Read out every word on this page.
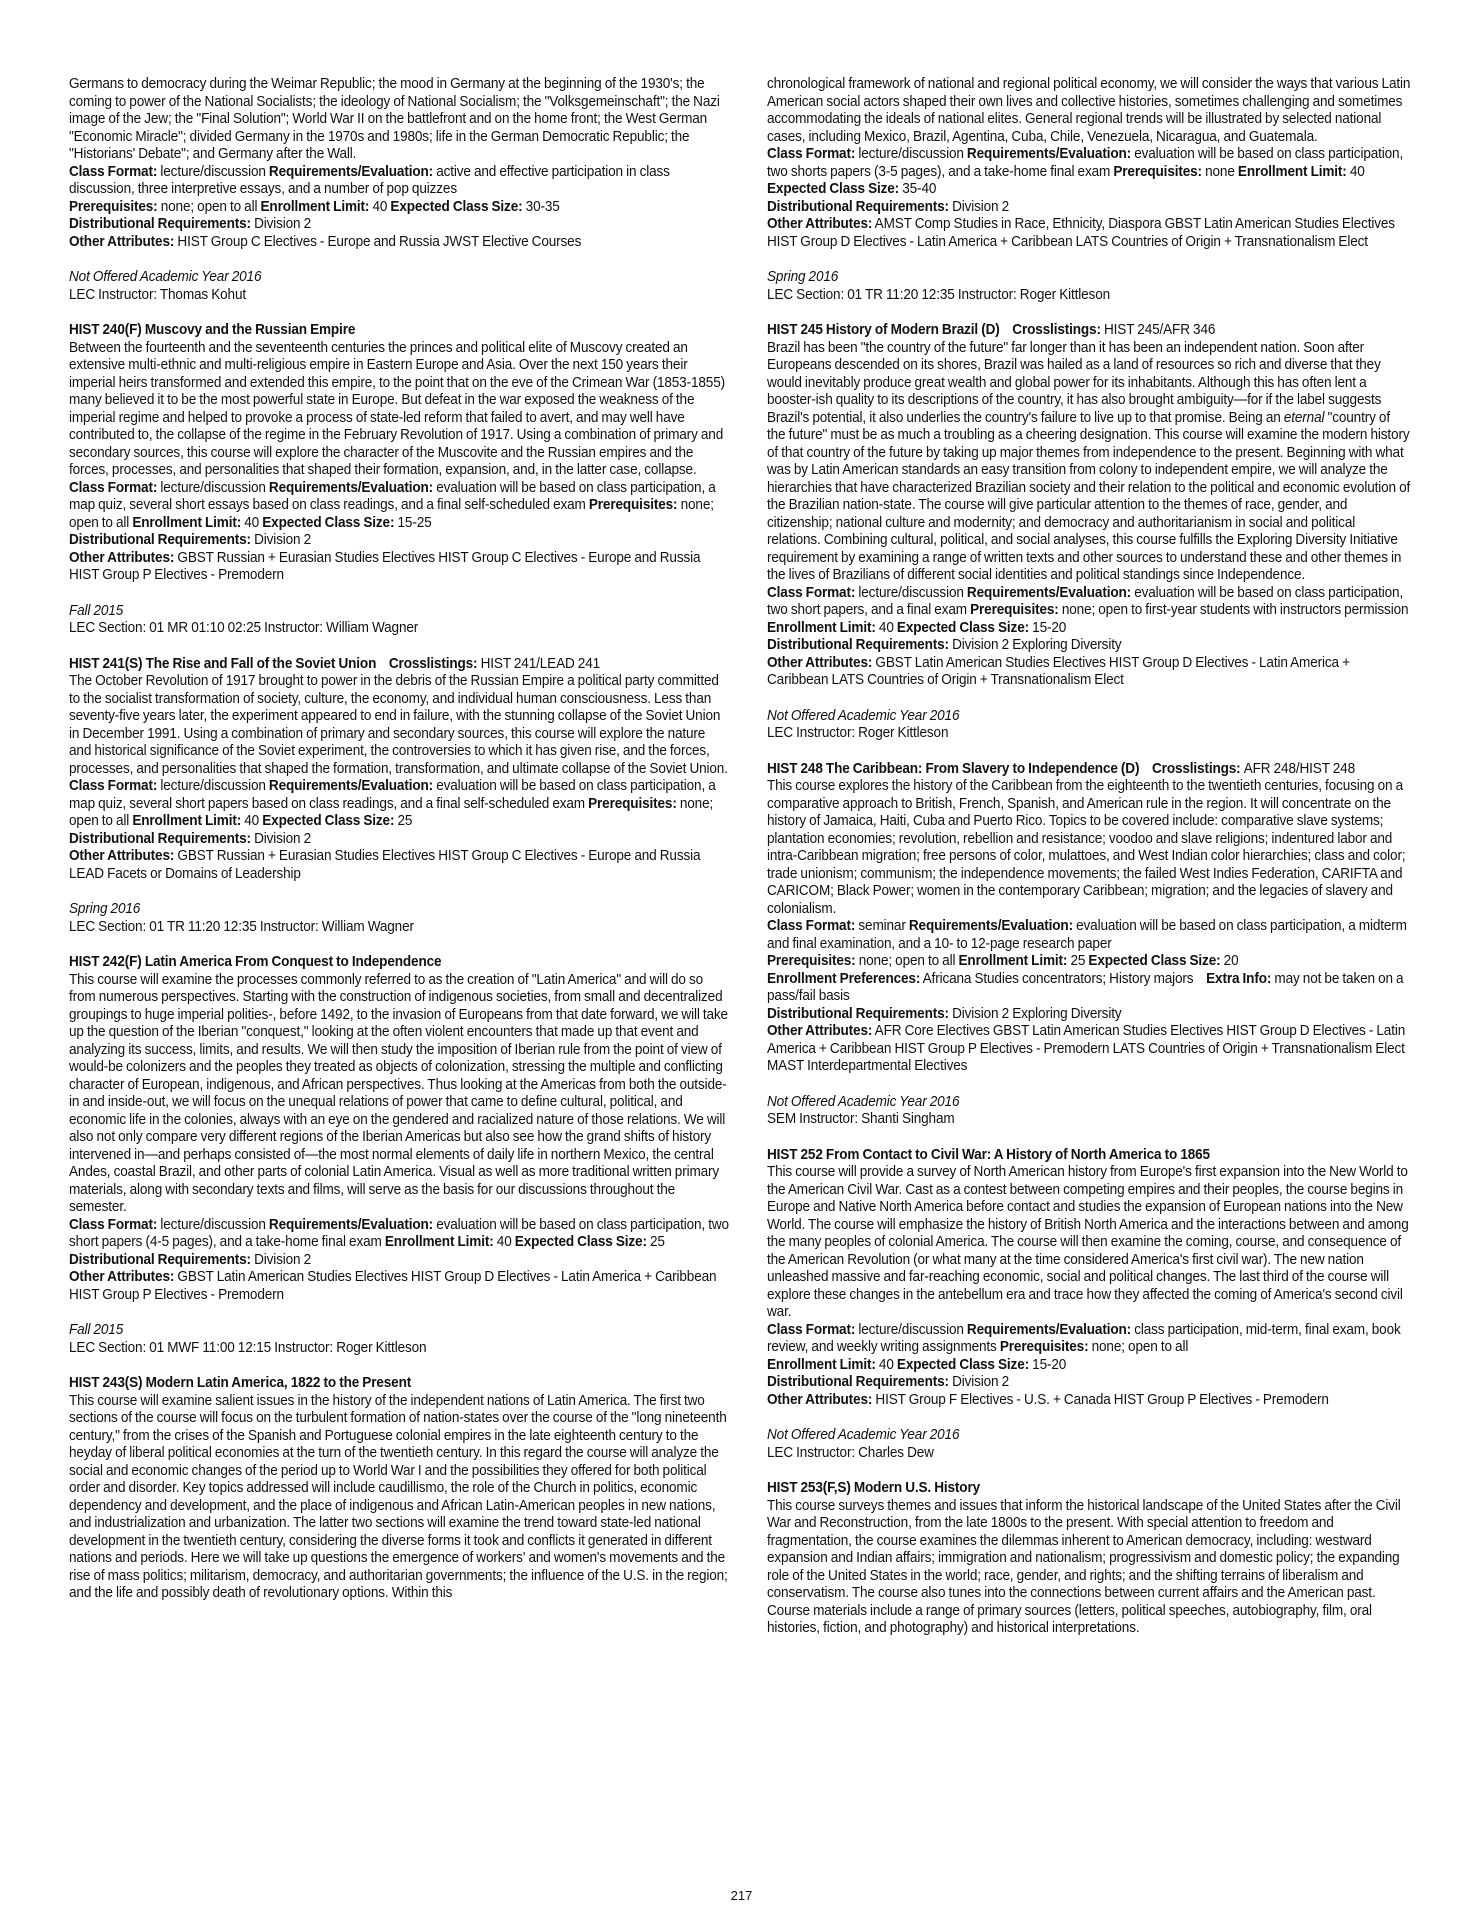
Germans to democracy during the Weimar Republic; the mood in Germany at the beginning of the 1930's; the coming to power of the National Socialists; the ideology of National Socialism; the "Volksgemeinschaft"; the Nazi image of the Jew; the "Final Solution"; World War II on the battlefront and on the home front; the West German "Economic Miracle"; divided Germany in the 1970s and 1980s; life in the German Democratic Republic; the "Historians' Debate"; and Germany after the Wall.
Class Format: lecture/discussion Requirements/Evaluation: active and effective participation in class discussion, three interpretive essays, and a number of pop quizzes
Prerequisites: none; open to all Enrollment Limit: 40 Expected Class Size: 30-35
Distributional Requirements: Division 2
Other Attributes: HIST Group C Electives - Europe and Russia JWST Elective Courses
Not Offered Academic Year 2016
LEC Instructor: Thomas Kohut
HIST 240(F) Muscovy and the Russian Empire
Between the fourteenth and the seventeenth centuries the princes and political elite of Muscovy created an extensive multi-ethnic and multi-religious empire in Eastern Europe and Asia. Over the next 150 years their imperial heirs transformed and extended this empire, to the point that on the eve of the Crimean War (1853-1855) many believed it to be the most powerful state in Europe. But defeat in the war exposed the weakness of the imperial regime and helped to provoke a process of state-led reform that failed to avert, and may well have contributed to, the collapse of the regime in the February Revolution of 1917. Using a combination of primary and secondary sources, this course will explore the character of the Muscovite and the Russian empires and the forces, processes, and personalities that shaped their formation, expansion, and, in the latter case, collapse.
Class Format: lecture/discussion Requirements/Evaluation: evaluation will be based on class participation, a map quiz, several short essays based on class readings, and a final self-scheduled exam Prerequisites: none; open to all Enrollment Limit: 40 Expected Class Size: 15-25
Distributional Requirements: Division 2
Other Attributes: GBST Russian + Eurasian Studies Electives HIST Group C Electives - Europe and Russia HIST Group P Electives - Premodern
Fall 2015
LEC Section: 01 MR 01:10 02:25 Instructor: William Wagner
HIST 241(S) The Rise and Fall of the Soviet Union Crosslistings: HIST 241/LEAD 241
The October Revolution of 1917 brought to power in the debris of the Russian Empire a political party committed to the socialist transformation of society, culture, the economy, and individual human consciousness. Less than seventy-five years later, the experiment appeared to end in failure, with the stunning collapse of the Soviet Union in December 1991. Using a combination of primary and secondary sources, this course will explore the nature and historical significance of the Soviet experiment, the controversies to which it has given rise, and the forces, processes, and personalities that shaped the formation, transformation, and ultimate collapse of the Soviet Union.
Class Format: lecture/discussion Requirements/Evaluation: evaluation will be based on class participation, a map quiz, several short papers based on class readings, and a final self-scheduled exam Prerequisites: none; open to all Enrollment Limit: 40 Expected Class Size: 25
Distributional Requirements: Division 2
Other Attributes: GBST Russian + Eurasian Studies Electives HIST Group C Electives - Europe and Russia LEAD Facets or Domains of Leadership
Spring 2016
LEC Section: 01 TR 11:20 12:35 Instructor: William Wagner
HIST 242(F) Latin America From Conquest to Independence
This course will examine the processes commonly referred to as the creation of "Latin America" and will do so from numerous perspectives. Starting with the construction of indigenous societies, from small and decentralized groupings to huge imperial polities-, before 1492, to the invasion of Europeans from that date forward, we will take up the question of the Iberian "conquest," looking at the often violent encounters that made up that event and analyzing its success, limits, and results. We will then study the imposition of Iberian rule from the point of view of would-be colonizers and the peoples they treated as objects of colonization, stressing the multiple and conflicting character of European, indigenous, and African perspectives. Thus looking at the Americas from both the outside-in and inside-out, we will focus on the unequal relations of power that came to define cultural, political, and economic life in the colonies, always with an eye on the gendered and racialized nature of those relations. We will also not only compare very different regions of the Iberian Americas but also see how the grand shifts of history intervened in—and perhaps consisted of—the most normal elements of daily life in northern Mexico, the central Andes, coastal Brazil, and other parts of colonial Latin America. Visual as well as more traditional written primary materials, along with secondary texts and films, will serve as the basis for our discussions throughout the semester.
Class Format: lecture/discussion Requirements/Evaluation: evaluation will be based on class participation, two short papers (4-5 pages), and a take-home final exam Enrollment Limit: 40 Expected Class Size: 25
Distributional Requirements: Division 2
Other Attributes: GBST Latin American Studies Electives HIST Group D Electives - Latin America + Caribbean HIST Group P Electives - Premodern
Fall 2015
LEC Section: 01 MWF 11:00 12:15 Instructor: Roger Kittleson
HIST 243(S) Modern Latin America, 1822 to the Present
This course will examine salient issues in the history of the independent nations of Latin America. The first two sections of the course will focus on the turbulent formation of nation-states over the course of the "long nineteenth century," from the crises of the Spanish and Portuguese colonial empires in the late eighteenth century to the heyday of liberal political economies at the turn of the twentieth century. In this regard the course will analyze the social and economic changes of the period up to World War I and the possibilities they offered for both political order and disorder. Key topics addressed will include caudillismo, the role of the Church in politics, economic dependency and development, and the place of indigenous and African Latin-American peoples in new nations, and industrialization and urbanization. The latter two sections will examine the trend toward state-led national development in the twentieth century, considering the diverse forms it took and conflicts it generated in different nations and periods. Here we will take up questions the emergence of workers' and women's movements and the rise of mass politics; militarism, democracy, and authoritarian governments; the influence of the U.S. in the region; and the life and possibly death of revolutionary options. Within this
chronological framework of national and regional political economy, we will consider the ways that various Latin American social actors shaped their own lives and collective histories, sometimes challenging and sometimes accommodating the ideals of national elites. General regional trends will be illustrated by selected national cases, including Mexico, Brazil, Agentina, Cuba, Chile, Venezuela, Nicaragua, and Guatemala.
Class Format: lecture/discussion Requirements/Evaluation: evaluation will be based on class participation, two shorts papers (3-5 pages), and a take-home final exam Prerequisites: none Enrollment Limit: 40 Expected Class Size: 35-40
Distributional Requirements: Division 2
Other Attributes: AMST Comp Studies in Race, Ethnicity, Diaspora GBST Latin American Studies Electives HIST Group D Electives - Latin America + Caribbean LATS Countries of Origin + Transnationalism Elect
Spring 2016
LEC Section: 01 TR 11:20 12:35 Instructor: Roger Kittleson
HIST 245 History of Modern Brazil (D) Crosslistings: HIST 245/AFR 346
Brazil has been "the country of the future" far longer than it has been an independent nation. Soon after Europeans descended on its shores, Brazil was hailed as a land of resources so rich and diverse that they would inevitably produce great wealth and global power for its inhabitants. Although this has often lent a booster-ish quality to its descriptions of the country, it has also brought ambiguity—for if the label suggests Brazil's potential, it also underlies the country's failure to live up to that promise. Being an eternal "country of the future" must be as much a troubling as a cheering designation. This course will examine the modern history of that country of the future by taking up major themes from independence to the present. Beginning with what was by Latin American standards an easy transition from colony to independent empire, we will analyze the hierarchies that have characterized Brazilian society and their relation to the political and economic evolution of the Brazilian nation-state. The course will give particular attention to the themes of race, gender, and citizenship; national culture and modernity; and democracy and authoritarianism in social and political relations. Combining cultural, political, and social analyses, this course fulfills the Exploring Diversity Initiative requirement by examining a range of written texts and other sources to understand these and other themes in the lives of Brazilians of different social identities and political standings since Independence.
Class Format: lecture/discussion Requirements/Evaluation: evaluation will be based on class participation, two short papers, and a final exam Prerequisites: none; open to first-year students with instructors permission Enrollment Limit: 40 Expected Class Size: 15-20
Distributional Requirements: Division 2 Exploring Diversity
Other Attributes: GBST Latin American Studies Electives HIST Group D Electives - Latin America + Caribbean LATS Countries of Origin + Transnationalism Elect
Not Offered Academic Year 2016
LEC Instructor: Roger Kittleson
HIST 248 The Caribbean: From Slavery to Independence (D) Crosslistings: AFR 248/HIST 248
This course explores the history of the Caribbean from the eighteenth to the twentieth centuries, focusing on a comparative approach to British, French, Spanish, and American rule in the region. It will concentrate on the history of Jamaica, Haiti, Cuba and Puerto Rico. Topics to be covered include: comparative slave systems; plantation economies; revolution, rebellion and resistance; voodoo and slave religions; indentured labor and intra-Caribbean migration; free persons of color, mulattoes, and West Indian color hierarchies; class and color; trade unionism; communism; the independence movements; the failed West Indies Federation, CARIFTA and CARICOM; Black Power; women in the contemporary Caribbean; migration; and the legacies of slavery and colonialism.
Class Format: seminar Requirements/Evaluation: evaluation will be based on class participation, a midterm and final examination, and a 10- to 12-page research paper
Prerequisites: none; open to all Enrollment Limit: 25 Expected Class Size: 20
Enrollment Preferences: Africana Studies concentrators; History majors Extra Info: may not be taken on a pass/fail basis
Distributional Requirements: Division 2 Exploring Diversity
Other Attributes: AFR Core Electives GBST Latin American Studies Electives HIST Group D Electives - Latin America + Caribbean HIST Group P Electives - Premodern LATS Countries of Origin + Transnationalism Elect MAST Interdepartmental Electives
Not Offered Academic Year 2016
SEM Instructor: Shanti Singham
HIST 252 From Contact to Civil War: A History of North America to 1865
This course will provide a survey of North American history from Europe's first expansion into the New World to the American Civil War. Cast as a contest between competing empires and their peoples, the course begins in Europe and Native North America before contact and studies the expansion of European nations into the New World. The course will emphasize the history of British North America and the interactions between and among the many peoples of colonial America. The course will then examine the coming, course, and consequence of the American Revolution (or what many at the time considered America's first civil war). The new nation unleashed massive and far-reaching economic, social and political changes. The last third of the course will explore these changes in the antebellum era and trace how they affected the coming of America's second civil war.
Class Format: lecture/discussion Requirements/Evaluation: class participation, mid-term, final exam, book review, and weekly writing assignments Prerequisites: none; open to all
Enrollment Limit: 40 Expected Class Size: 15-20
Distributional Requirements: Division 2
Other Attributes: HIST Group F Electives - U.S. + Canada HIST Group P Electives - Premodern
Not Offered Academic Year 2016
LEC Instructor: Charles Dew
HIST 253(F,S) Modern U.S. History
This course surveys themes and issues that inform the historical landscape of the United States after the Civil War and Reconstruction, from the late 1800s to the present. With special attention to freedom and fragmentation, the course examines the dilemmas inherent to American democracy, including: westward expansion and Indian affairs; immigration and nationalism; progressivism and domestic policy; the expanding role of the United States in the world; race, gender, and rights; and the shifting terrains of liberalism and conservatism. The course also tunes into the connections between current affairs and the American past. Course materials include a range of primary sources (letters, political speeches, autobiography, film, oral histories, fiction, and photography) and historical interpretations.
217
